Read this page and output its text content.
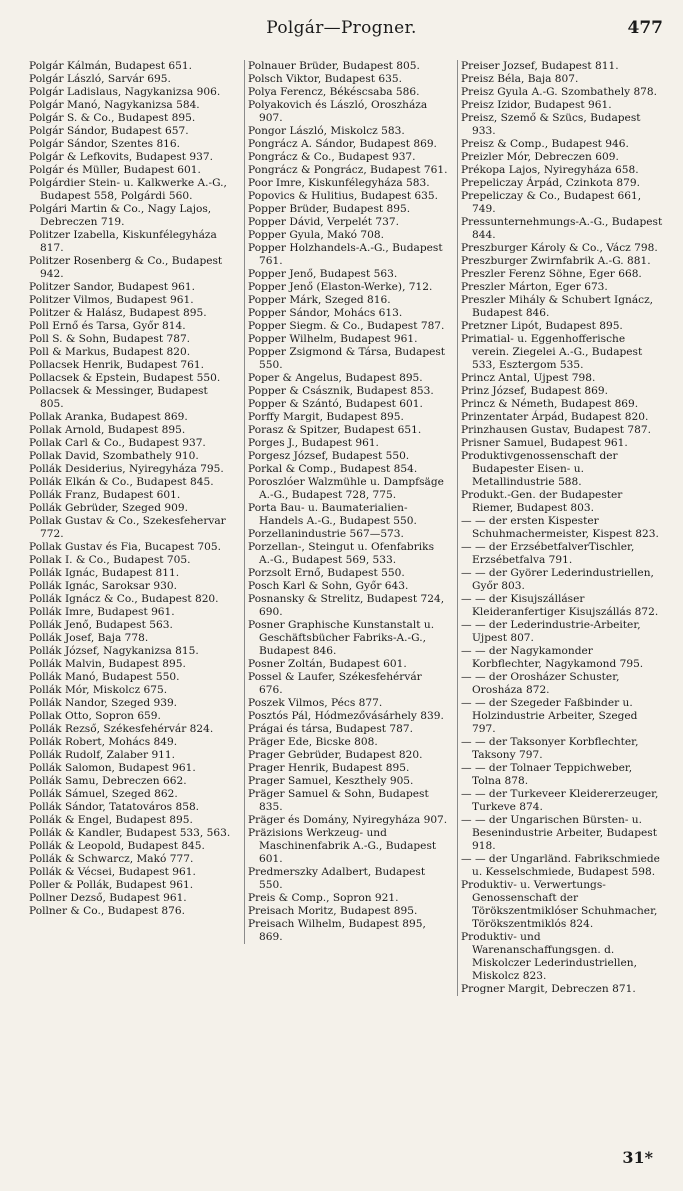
Polgár—Progner.	477

Polgár Kálmán, Budapest 651.

Polgár László, Sarvár 695.

Polgár Ladislaus, Nagykanizsa 906.

Polgár Manó, Nagykanizsa 584.

Polgár S. & Co., Budapest 895.

Polgár Sándor, Budapest 657.

Polgár Sándor, Szentes 816.

Polgár & Lefkovits, Budapest 937.

Polgár és Müller, Budapest 601.

Polgárdier Stein- u. Kalkwerke A.-G., Budapest 558, Polgárdi 560.

Polgári Martin & Co., Nagy Lajos, Debreczen 719.

Politzer Izabella, Kiskunfélegyháza 817.

Politzer Rosenberg & Co., Budapest 942.

Politzer Sandor, Budapest 961.

Politzer Vilmos, Budapest 961.

Politzer & Halász, Budapest 895.

Poll Ernő és Tarsa, Győr 814.

Poll S. & Sohn, Budapest 787.

Poll & Markus, Budapest 820.

Pollacsek Henrik, Budapest 761.

Pollacsek & Epstein, Budapest 550.

Pollacsek & Messinger, Budapest 805.

Pollak Aranka, Budapest 869.

Pollak Arnold, Budapest 895.

Pollak Carl & Co., Budapest 937.

Pollak David, Szombathely 910.

Pollák Desiderius, Nyiregyháza 795.

Pollák Elkán & Co., Budapest 845.

Pollák Franz, Budapest 601.

Pollák Gebrüder, Szeged 909.

Pollak Gustav & Co., Szekesfehervar 772.

Pollak Gustav és Fia, Bucapest 705.

Pollak I. & Co., Budapest 705.

Pollák Ignác, Budapest 811.

Pollák Ignác, Saroksar 930.

Pollák Ignácz & Co., Budapest 820.

Pollák Imre, Budapest 961.

Pollák Jenő, Budapest 563.

Pollák Josef, Baja 778.

Pollák József, Nagykanizsa 815.

Pollák Malvin, Budapest 895.

Pollák Manó, Budapest 550.

Pollák Mór, Miskolcz 675.

Pollák Nandor, Szeged 939.

Pollak Otto, Sopron 659.

Pollák Rezső, Székesfehérvár 824.

Pollák Robert, Mohács 849.

Pollák Rudolf, Zalaber 911.

Pollák Salomon, Budapest 961.

Pollák Samu, Debreczen 662.

Pollák Sámuel, Szeged 862.

Pollák Sándor, Tatatováros 858.

Pollák & Engel, Budapest 895.

Pollák & Kandler, Budapest 533, 563.

Pollák & Leopold, Budapest 845.

Pollák & Schwarcz, Makó 777.

Pollák & Vécsei, Budapest 961.

Poller & Pollák, Budapest 961.

Pollner Dezső, Budapest 961.

Pollner & Co., Budapest 876.

Polnauer Brüder, Budapest 805.

Polsch Viktor, Budapest 635.

Polya Ferencz, Békéscsaba 586.

Polyakovich és László, Oroszháza 907.

Pongor László, Miskolcz 583.

Pongrácz A. Sándor, Budapest 869.

Pongrácz & Co., Budapest 937.

Pongrácz & Pongrácz, Budapest 761.

Poor Imre, Kiskunfélegyháza 583.

Popovics & Hulitius, Budapest 635.

Popper Brüder, Budapest 895.

Popper Dávid, Verpelét 737.

Popper Gyula, Makó 708.

Popper Holzhandels-A.-G., Budapest 761.

Popper Jenő, Budapest 563.

Popper Jenő (Elaston-Werke), 712.

Popper Márk, Szeged 816.

Popper Sándor, Mohács 613.

Popper Siegm. & Co., Budapest 787.

Popper Wilhelm, Budapest 961.

Popper Zsigmond & Társa, Budapest 550.

Poper & Angelus, Budapest 895.

Popper & Császnik, Budapest 853.

Popper & Szántó, Budapest 601.

Porffy Margit, Budapest 895.

Porasz & Spitzer, Budapest 651.

Porges J., Budapest 961.

Porgesz József, Budapest 550.

Porkal & Comp., Budapest 854.

Poroszlóer Walzmühle u. Dampfsäge A.-G., Budapest 728, 775.

Porta Bau- u. Baumaterialien-Handels A.-G., Budapest 550.

Porzellanindustrie 567—573.

Porzellan-, Steingut u. Ofenfabriks A.-G., Budapest 569, 533.

Porzsolt Ernő, Budapest 550.

Posch Karl & Sohn, Győr 643.

Posnansky & Strelitz, Budapest 724, 690.

Posner Graphische Kunstanstalt u. Geschäftsbücher Fabriks-A.-G., Budapest 846.

Posner Zoltán, Budapest 601.

Possel & Laufer, Székesfehérvár 676.

Poszek Vilmos, Pécs 877.

Posztós Pál, Hódmezővásárhely 839.

Prágai és társa, Budapest 787.

Präger Ede, Bicske 808.

Prager Gebrüder, Budapest 820.

Prager Henrik, Budapest 895.

Prager Samuel, Keszthely 905.

Präger Samuel & Sohn, Budapest 835.

Präger és Domány, Nyiregyháza 907.

Präzisions Werkzeug- und Maschinenfabrik A.-G., Budapest 601.

Predmerszky Adalbert, Budapest 550.

Preis & Comp., Sopron 921.

Preisach Moritz, Budapest 895.

Preisach Wilhelm, Budapest 895, 869.

Preiser Jozsef, Budapest 811.

Preisz Béla, Baja 807.

Preisz Gyula A.-G. Szombathely 878.

Preisz Izidor, Budapest 961.

Preisz, Szemő & Szücs, Budapest 933.

Preisz & Comp., Budapest 946.

Preizler Mór, Debreczen 609.

Prékopa Lajos, Nyiregyháza 658.

Prepeliczay Árpád, Czinkota 879.

Prepeliczay & Co., Budapest 661, 749.

Pressunternehmungs-A.-G., Budapest 844.

Preszburger Károly & Co., Vácz 798.

Preszburger Zwirnfabrik A.-G. 881.

Preszler Ferenz Söhne, Eger 668.

Preszler Márton, Eger 673.

Preszler Mihály & Schubert Ignácz, Budapest 846.

Pretzner Lipót, Budapest 895.

Primatial- u. Eggenhofferische verein. Ziegelei A.-G., Budapest 533, Esztergom 535.

Princz Antal, Ujpest 798.

Prinz József, Budapest 869.

Princz & Németh, Budapest 869.

Prinzentater Árpád, Budapest 820.

Prinzhausen Gustav, Budapest 787.

Prisner Samuel, Budapest 961.

Produktivgenossenschaft der Budapester Eisen- u. Metallindustrie 588.

Produkt.-Gen. der Budapester Riemer, Budapest 803.

— — der ersten Kispester Schuhmachermeister, Kispest 823.

— — der ErzsébetfalverTischler, Erzsébetfalva 791.

— — der Györer Lederindustriellen, Győr 803.

— — der Kisujszálláser Kleideranfertiger Kisujszállás 872.

— — der Lederindustrie-Arbeiter, Ujpest 807.

— — der Nagykamonder Korbflechter, Nagykamond 795.

— — der Orosházer Schuster, Orosháza 872.

— — der Szegeder Faßbinder u. Holzindustrie Arbeiter, Szeged 797.

— — der Taksonyer Korbflechter, Taksony 797.

— — der Tolnaer Teppichweber, Tolna 878.

— — der Turkeveer Kleidererzeuger, Turkeve 874.

— — der Ungarischen Bürsten- u. Besenindustrie Arbeiter, Budapest 918.

— — der Ungarländ. Fabrikschmiede u. Kesselschmiede, Budapest 598.

Produktiv- u. Verwertungs-Genossenschaft der Törökszentmiklóser Schuhmacher, Törökszentmiklós 824.

Produktiv- und Warenanschaffungsgen. d. Miskolczer Lederindustriellen, Miskolcz 823.

Progner Margit, Debreczen 871.

31*
